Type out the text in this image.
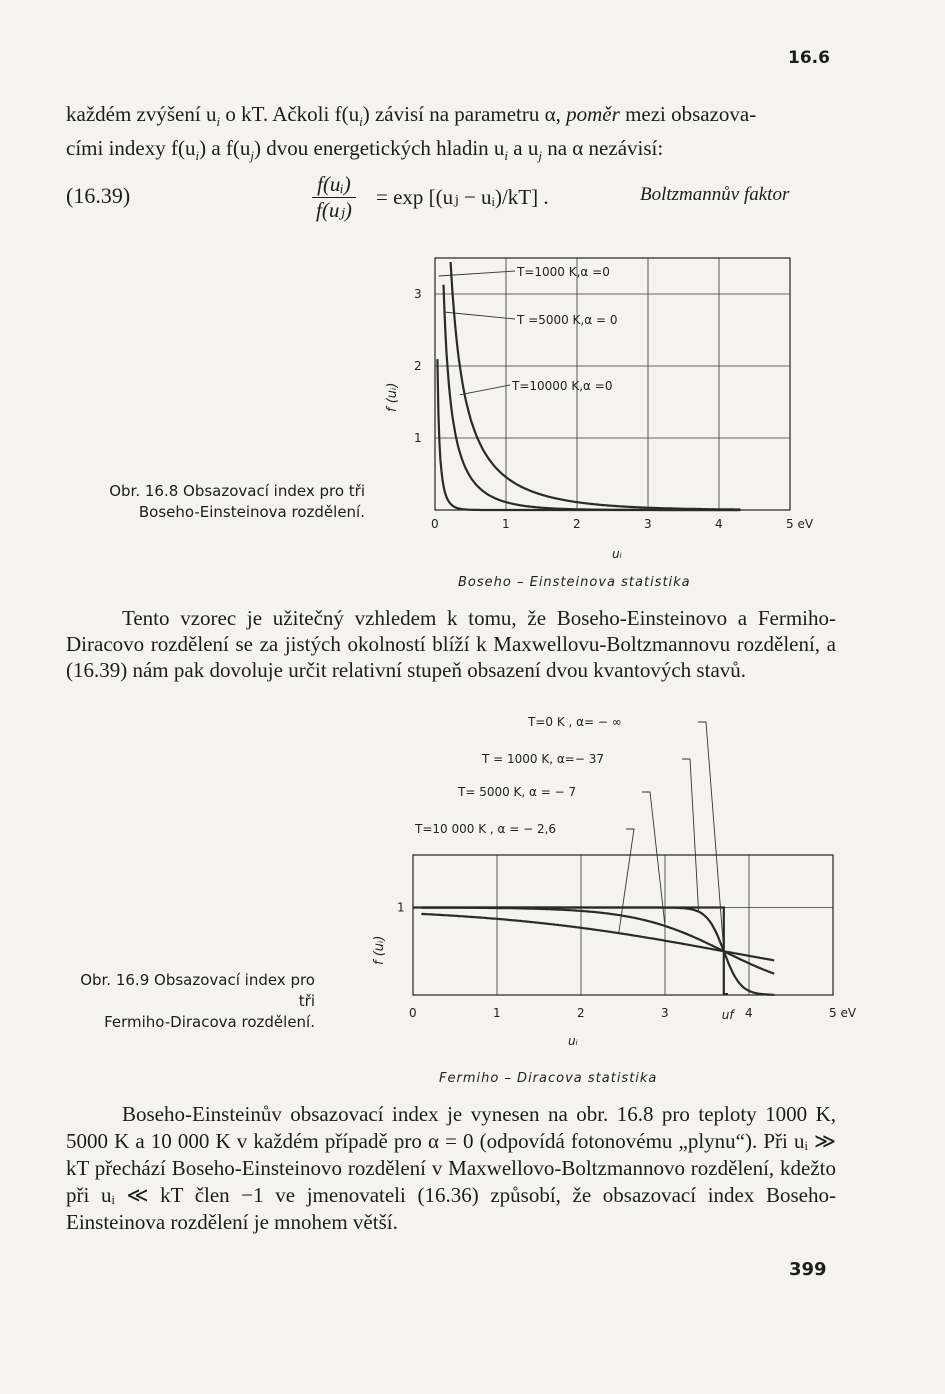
16.6
každém zvýšení $u_i$ o kT. Ačkoli $f(u_i)$ závisí na parametru α, poměr mezi obsazova-
cími indexy $f(u_i)$ a $f(u_j)$ dvou energetických hladin $u_i$ a $u_j$ na α nezávisí:
(16.39)	$\frac{\text{f(uᵢ)}}{\text{f(uⱼ)}} = \exp$ [(uⱼ − uᵢ)/kT] .	Boltzmannův faktor
0	1	2	3	4	5 eV
1
2
3
uᵢ
f (uᵢ)
Boseho – Einsteinova statistika
T=1000 K,α =0
T =5000 K,α = 0
T=10000 K,α =0
Obr. 16.8 Obsazovací index pro tři
Boseho-Einsteinova rozdělení.
Tento vzorec je užitečný vzhledem k tomu, že Boseho-Einsteinovo a Fermiho-Diracovo rozdělení se za jistých okolností blíží k Maxwellovu-Boltzmannovu rozdělení, a (16.39) nám pak dovoluje určit relativní stupeň obsazení dvou kvantových stavů.
0	1	2	3	4	5 eV
uf
1
uᵢ
f (uᵢ)
Fermiho – Diracova statistika
T=0 K , α= − ∞
T = 1000 K, α=− 37
T= 5000 K, α = − 7
T=10 000 K , α = − 2,6
Obr. 16.9 Obsazovací index pro tři
Fermiho-Diracova rozdělení.
Boseho-Einsteinův obsazovací index je vynesen na obr. 16.8 pro teploty 1000 K, 5000 K a 10 000 K v každém případě pro α = 0 (odpovídá fotonovému „plynu“). Při uᵢ ≫ kT přechází Boseho-Einsteinovo rozdělení v Maxwellovo-Boltzmannovo rozdělení, kdežto při uᵢ ≪ kT člen −1 ve jmenovateli (16.36) způsobí, že obsazovací index Boseho-Einsteinova rozdělení je mnohem větší.
399
